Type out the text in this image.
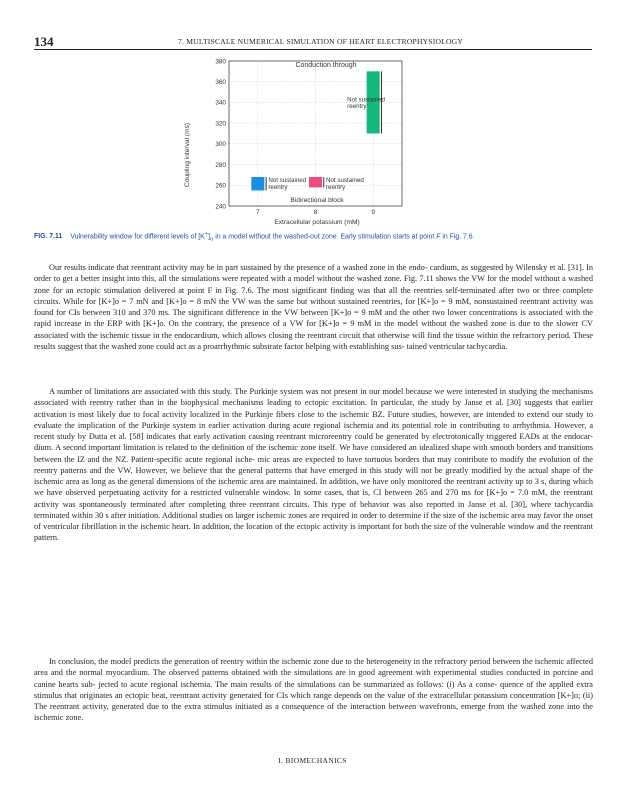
134	7. MULTISCALE NUMERICAL SIMULATION OF HEART ELECTROPHYSIOLOGY
240
260
280
300
320
340
360
380
7	8	9
Not sustained reentry
Not sustained reentry
Not sustained reentry
Conduction through
Bidirectional block
Extracellular potassium (mM)
Coupling interval (ms)
FIG. 7.11 Vulnerability window for different levels of $[K^+]_o$ in a model without the washed-out zone. Early stimulation starts at point F in Fig. 7.6.

Our results indicate that reentrant activity may be in part sustained by the presence of a washed zone in the endo- cardium, as suggested by Wilensky et al. [31]. In order to get a better insight into this, all the simulations were repeated with a model without the washed zone. Fig. 7.11 shows the VW for the model without a washed zone for an ectopic stimulation delivered at point F in Fig. 7.6. The most significant finding was that all the reentries self-terminated after two or three complete circuits. While for [K+]o = 7 mN and [K+]o = 8 mN the VW was the same but without sustained reentries, for [K+]o = 9 mM, nonsustained reentrant activity was found for CIs between 310 and 370 ms. The significant difference in the VW between [K+]o = 9 mM and the other two lower concentrations is associated with the rapid increase in the ERP with [K+]o. On the contrary, the presence of a VW for [K+]o = 9 mM in the model without the washed zone is due to the slower CV associated with the ischemic tissue in the endocardium, which allows closing the reentrant circuit that otherwise will find the tissue within the refractory period. These results suggest that the washed zone could act as a proarrhythmic substrate factor helping with establishing sus- tained ventricular tachycardia.

A number of limitations are associated with this study. The Purkinje system was not present in our model because we were interested in studying the mechanisms associated with reentry rather than in the biophysical mechanisms leading to ectopic excitation. In particular, the study by Janse et al. [30] suggests that earlier activation is most likely due to focal activity localized in the Purkinje fibers close to the ischemic BZ. Future studies, however, are intended to extend our study to evaluate the implication of the Purkinje system in earlier activation during acute regional ischemia and its potential role in contributing to arrhythmia. However, a recent study by Dutta et al. [58] indicates that early activation causing reentrant microreentry could be generated by electrotonically triggered EADs at the endocar- dium. A second important limitation is related to the definition of the ischemic zone itself. We have considered an idealized shape with smooth borders and transitions between the IZ and the NZ. Patient-specific acute regional ische- mic areas are expected to have tortuous borders that may contribute to modify the evolution of the reentry patterns and the VW. However, we believe that the general patterns that have emerged in this study will not be greatly modified by the actual shape of the ischemic area as long as the general dimensions of the ischemic area are maintained. In addition, we have only monitored the reentrant activity up to 3 s, during which we have observed perpetuating activity for a restricted vulnerable window. In some cases, that is, CI between 265 and 270 ms for [K+]o = 7.0 mM, the reentrant activity was spontaneously terminated after completing three reentrant circuits. This type of behavior was also reported in Janse et al. [30], where tachycardia terminated within 30 s after initiation. Additional studies on larger ischemic zones are required in order to determine if the size of the ischemic area may favor the onset of ventricular fibrillation in the ischemic heart. In addition, the location of the ectopic activity is important for both the size of the vulnerable window and the reentrant pattern.

In conclusion, the model predicts the generation of reentry within the ischemic zone due to the heterogeneity in the refractory period between the ischemic affected area and the normal myocardium. The observed patterns obtained with the simulations are in good agreement with experimental studies conducted in porcine and canine hearts sub- jected to acute regional ischemia. The main results of the simulations can be summarized as follows: (i) As a conse- quence of the applied extra stimulus that originates an ectopic beat, reentrant activity generated for CIs which range depends on the value of the extracellular potassium concentration [K+]o; (ii) The reentrant activity, generated due to the extra stimulus initiated as a consequence of the interaction between wavefronts, emerge from the washed zone into the ischemic zone.

I. BIOMECHANICS
